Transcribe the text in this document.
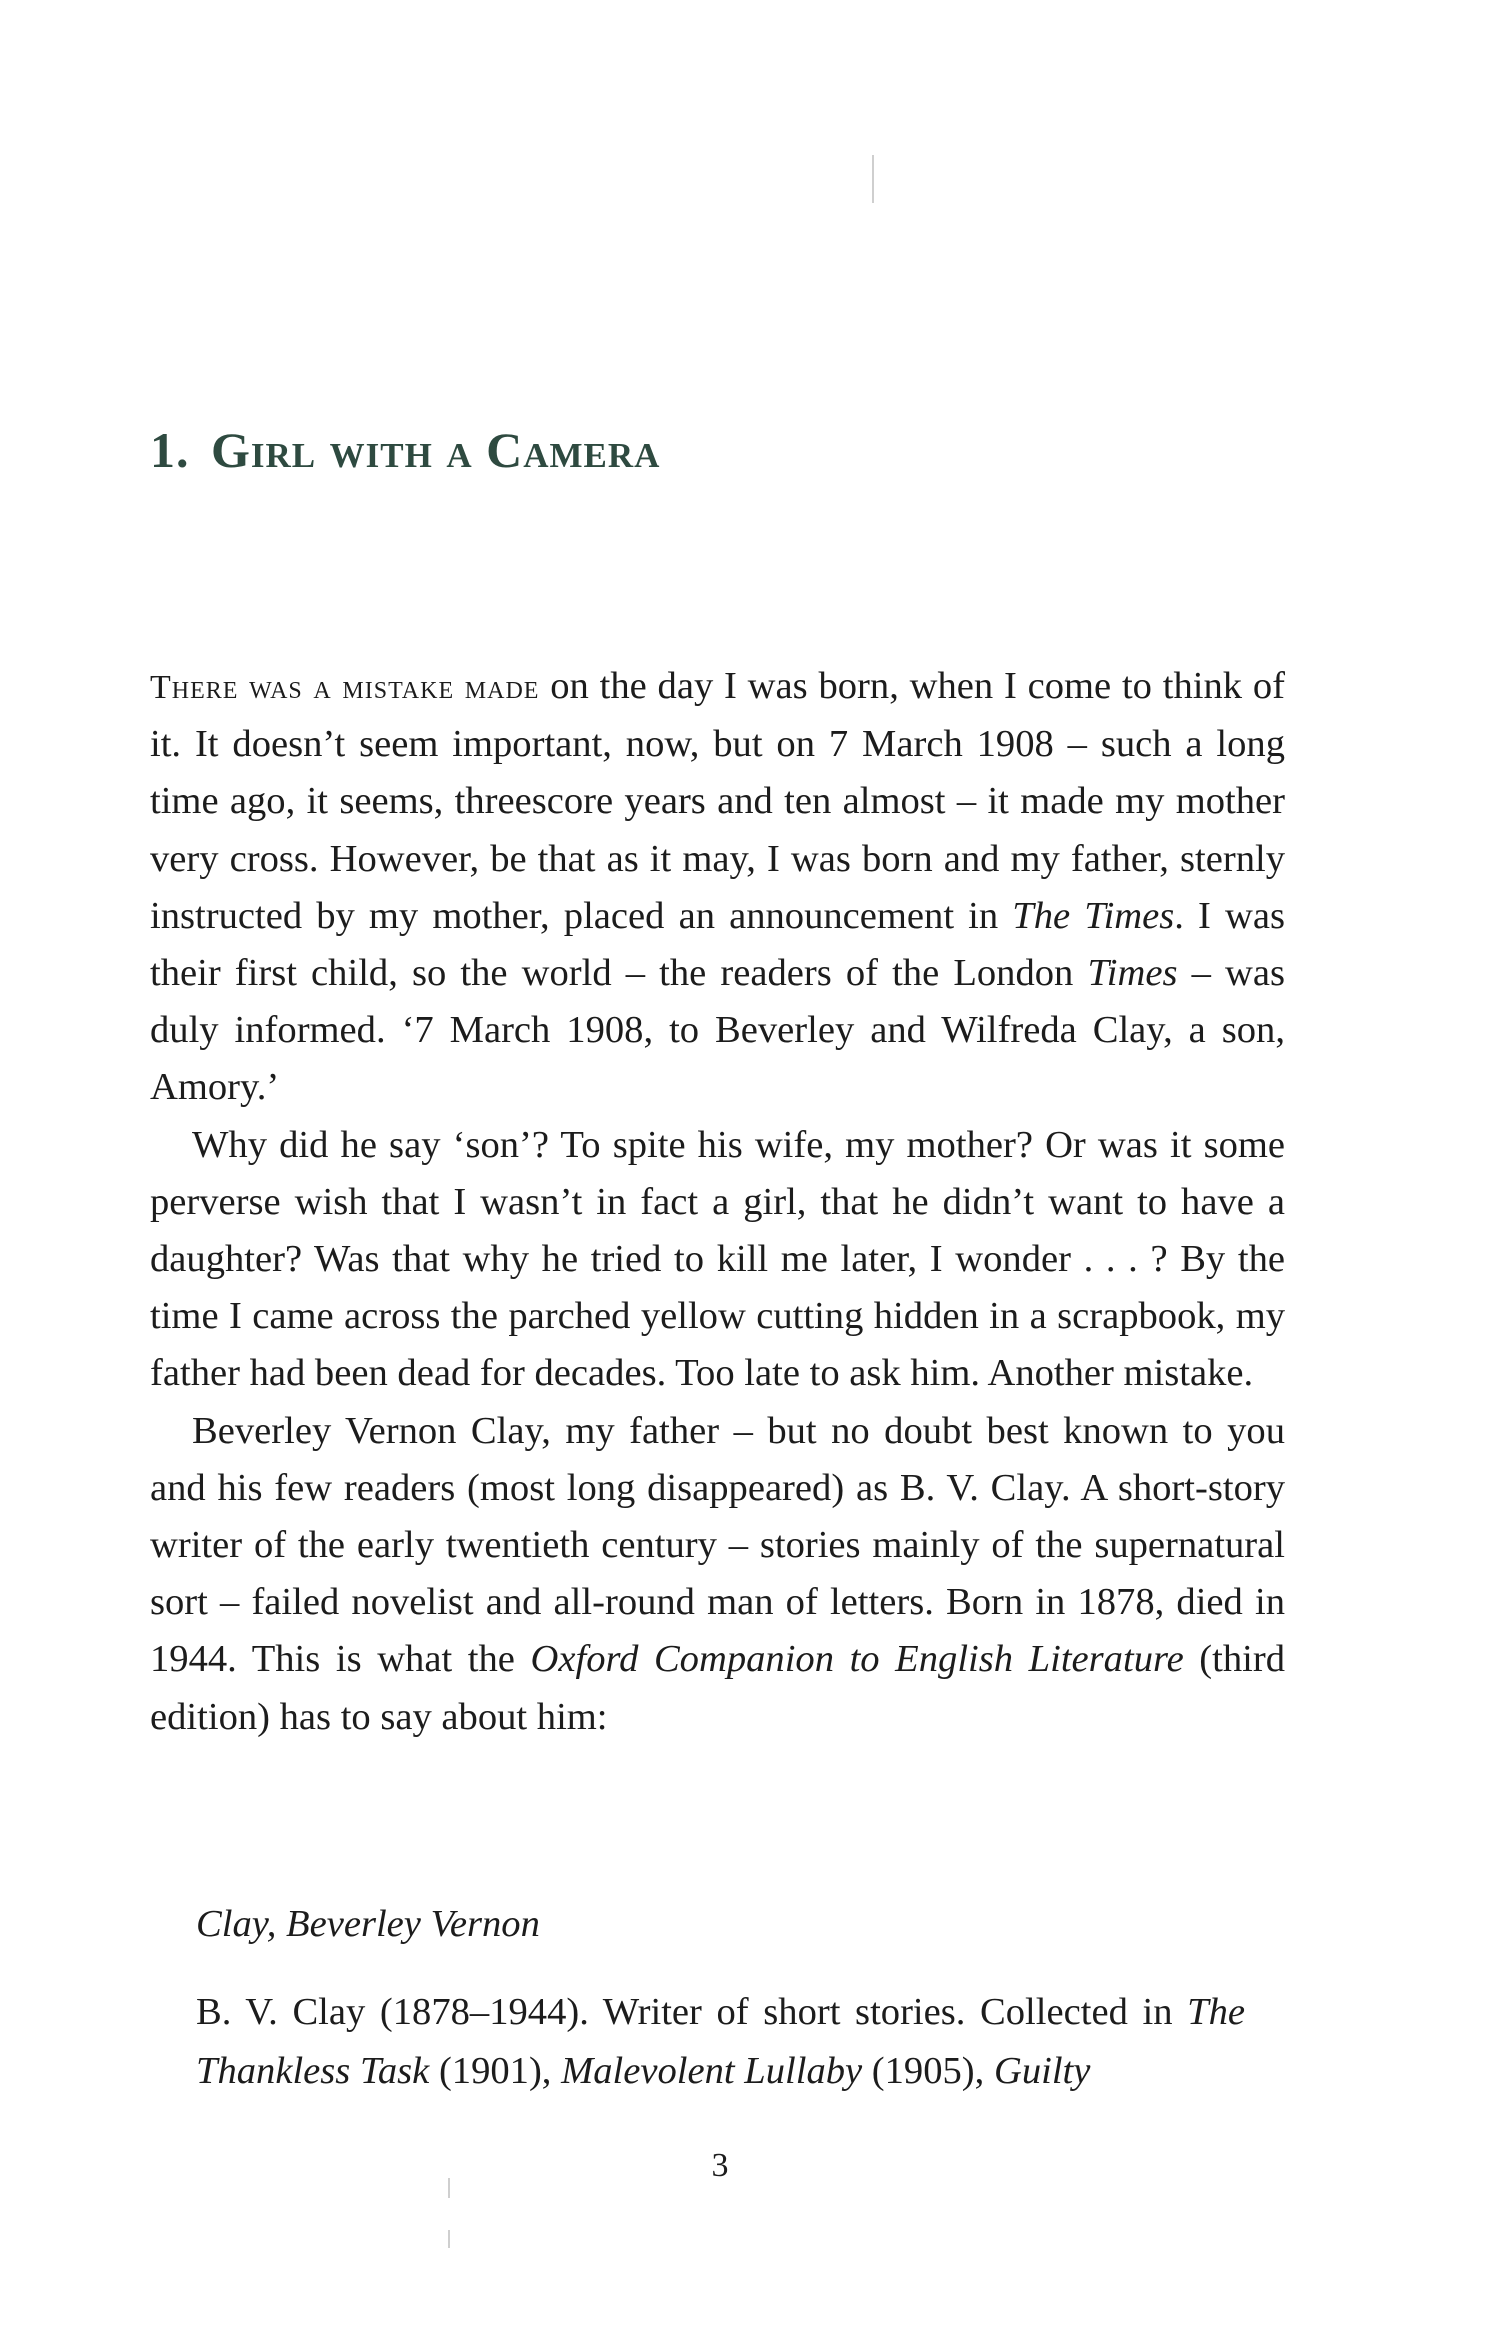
1. Girl with a Camera

There was a mistake made on the day I was born, when I come to think of it. It doesn’t seem important, now, but on 7 March 1908 – such a long time ago, it seems, threescore years and ten almost – it made my mother very cross. However, be that as it may, I was born and my father, sternly instructed by my mother, placed an announcement in The Times. I was their first child, so the world – the readers of the London Times – was duly informed. ‘7 March 1908, to Beverley and Wilfreda Clay, a son, Amory.’

Why did he say ‘son’? To spite his wife, my mother? Or was it some perverse wish that I wasn’t in fact a girl, that he didn’t want to have a daughter? Was that why he tried to kill me later, I wonder . . . ? By the time I came across the parched yellow cutting hidden in a scrapbook, my father had been dead for decades. Too late to ask him. Another mistake.

Beverley Vernon Clay, my father – but no doubt best known to you and his few readers (most long disappeared) as B. V. Clay. A short-story writer of the early twentieth century – stories mainly of the supernatural sort – failed novelist and all-round man of letters. Born in 1878, died in 1944. This is what the Oxford Companion to English Literature (third edition) has to say about him:

Clay, Beverley Vernon

B. V. Clay (1878–1944). Writer of short stories. Collected in The Thankless Task (1901), Malevolent Lullaby (1905), Guilty

3
